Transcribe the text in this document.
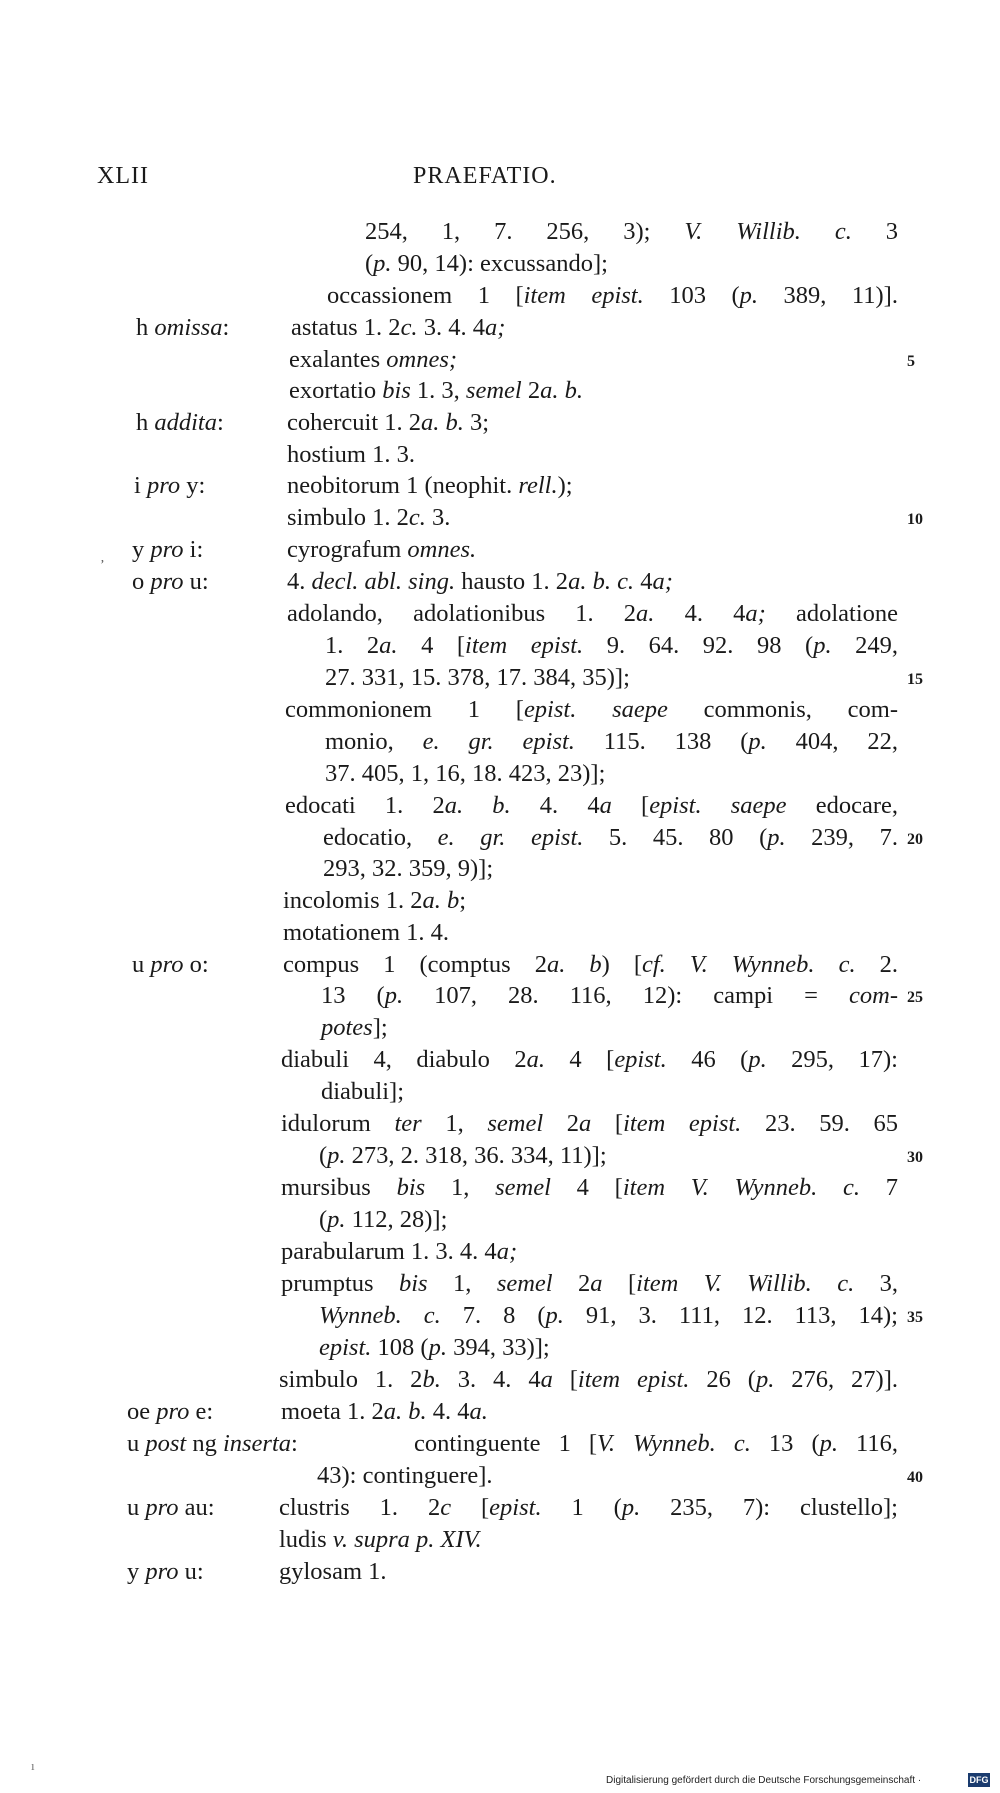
XLII	PRAEFATIO.
254, 1, 7. 256, 3); V. Willib. c. 3
(p. 90, 14): excussando];
occassionem 1 [item epist. 103 (p. 389, 11)].
h omissa:	astatus 1. 2c. 3. 4. 4a;
exalantes omnes;	5
exortatio bis 1. 3, semel 2a. b.
h addita:	cohercuit 1. 2a. b. 3;
hostium 1. 3.
i pro y:	neobitorum 1 (neophit. rell.);
simbulo 1. 2c. 3.	10
y pro i:	cyrografum omnes.
o pro u:	4. decl. abl. sing. hausto 1. 2a. b. c. 4a;
adolando, adolationibus 1. 2a. 4. 4a; adolatione
1. 2a. 4 [item epist. 9. 64. 92. 98 (p. 249,
27. 331, 15. 378, 17. 384, 35)];	15
commonionem 1 [epist. saepe commonis, com-
monio, e. gr. epist. 115. 138 (p. 404, 22,
37. 405, 1, 16, 18. 423, 23)];
edocati 1. 2a. b. 4. 4a [epist. saepe edocare,
edocatio, e. gr. epist. 5. 45. 80 (p. 239, 7. 20
293, 32. 359, 9)];
incolomis 1. 2a. b;
motationem 1. 4.
u pro o:	compus 1 (comptus 2a. b) [cf. V. Wynneb. c. 2.
13 (p. 107, 28. 116, 12): campi = com- 25
potes];
diabuli 4, diabulo 2a. 4 [epist. 46 (p. 295, 17):
diabuli];
idulorum ter 1, semel 2a [item epist. 23. 59. 65
(p. 273, 2. 318, 36. 334, 11)];	30
mursibus bis 1, semel 4 [item V. Wynneb. c. 7
(p. 112, 28)];
parabularum 1. 3. 4. 4a;
prumptus bis 1, semel 2a [item V. Willib. c. 3,
Wynneb. c. 7. 8 (p. 91, 3. 111, 12. 113, 14); 35
epist. 108 (p. 394, 33)];
simbulo 1. 2b. 3. 4. 4a [item epist. 26 (p. 276, 27)].
oe pro e:	moeta 1. 2a. b. 4. 4a.
u post ng inserta:	continguente 1 [V. Wynneb. c. 13 (p. 116,
43): continguere].	40
u pro au:	clustris 1. 2c [epist. 1 (p. 235, 7): clustello];
ludis v. supra p. XIV.
y pro u:	gylosam 1.
ʼ
ı
Digitalisierung gefördert durch die Deutsche Forschungsgemeinschaft ·	DFG
